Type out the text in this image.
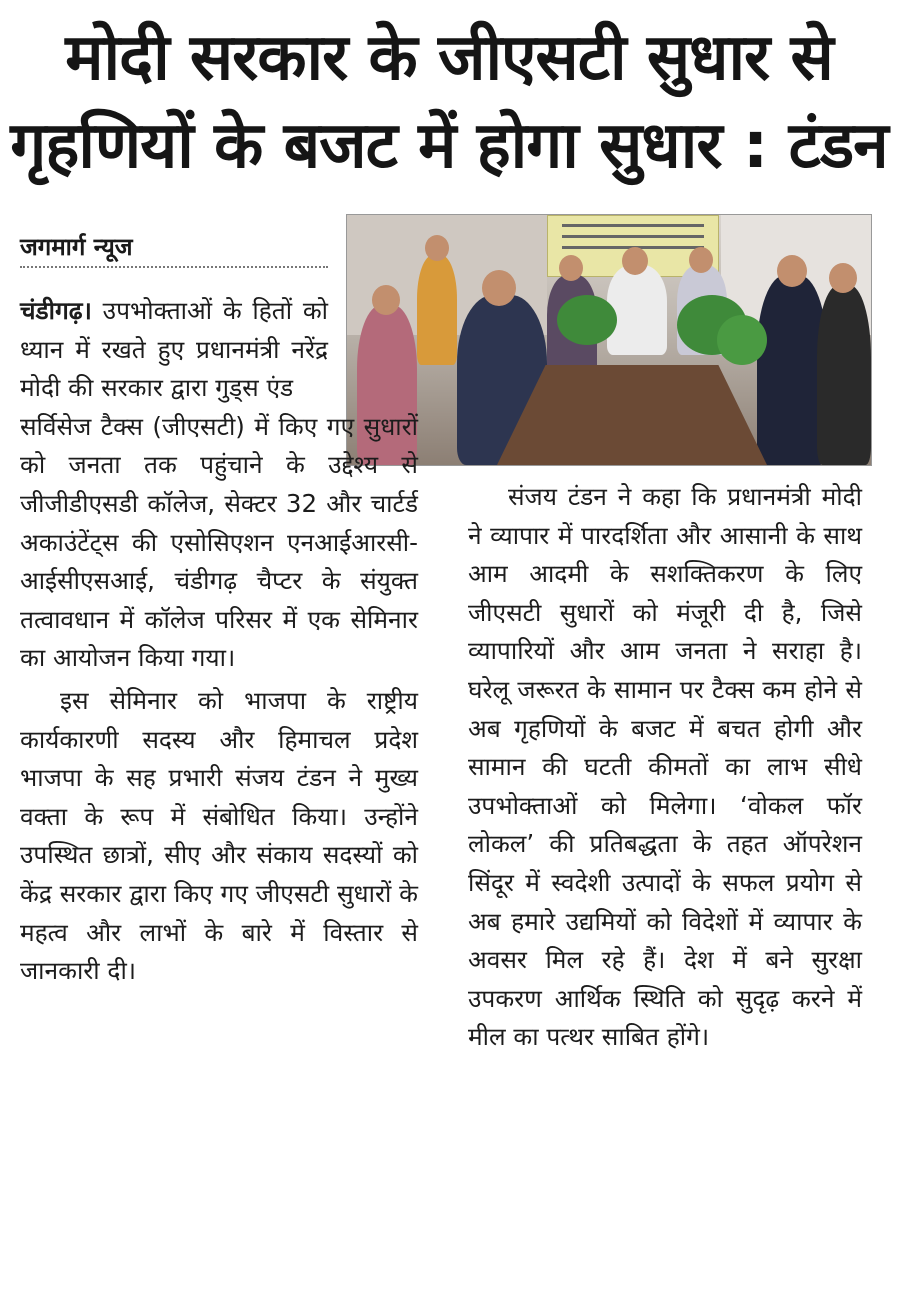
मोदी सरकार के जीएसटी सुधार से
गृहणियों के बजट में होगा सुधार : टंडन
जगमार्ग न्यूज

चंडीगढ़। उपभोक्ताओं के हितों को ध्यान में रखते हुए प्रधानमंत्री नरेंद्र मोदी की सरकार द्वारा गुड्स एंड

सर्विसेज टैक्स (जीएसटी) में किए गए सुधारों को जनता तक पहुंचाने के उद्देश्य से जीजीडीएसडी कॉलेज, सेक्टर 32 और चार्टर्ड अकाउंटेंट्स की एसोसिएशन एनआईआरसी-आईसीएसआई, चंडीगढ़ चैप्टर के संयुक्त तत्वावधान में कॉलेज परिसर में एक सेमिनार का आयोजन किया गया।

इस सेमिनार को भाजपा के राष्ट्रीय कार्यकारणी सदस्य और हिमाचल प्रदेश भाजपा के सह प्रभारी संजय टंडन ने मुख्य वक्ता के रूप में संबोधित किया। उन्होंने उपस्थित छात्रों, सीए और संकाय सदस्यों को केंद्र सरकार द्वारा किए गए जीएसटी सुधारों के महत्व और लाभों के बारे में विस्तार से जानकारी दी।

संजय टंडन ने कहा कि प्रधानमंत्री मोदी ने व्यापार में पारदर्शिता और आसानी के साथ आम आदमी के सशक्तिकरण के लिए जीएसटी सुधारों को मंजूरी दी है, जिसे व्यापारियों और आम जनता ने सराहा है। घरेलू जरूरत के सामान पर टैक्स कम होने से अब गृहणियों के बजट में बचत होगी और सामान की घटती कीमतों का लाभ सीधे उपभोक्ताओं को मिलेगा। ‘वोकल फॉर लोकल’ की प्रतिबद्धता के तहत ऑपरेशन सिंदूर में स्वदेशी उत्पादों के सफल प्रयोग से अब हमारे उद्यमियों को विदेशों में व्यापार के अवसर मिल रहे हैं। देश में बने सुरक्षा उपकरण आर्थिक स्थिति को सुदृढ़ करने में मील का पत्थर साबित होंगे।
